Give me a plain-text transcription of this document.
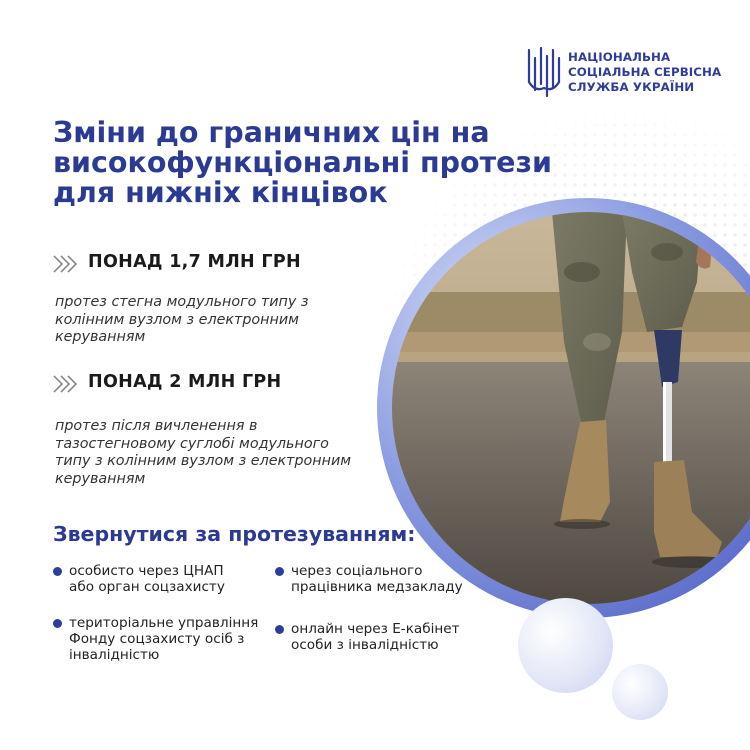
НАЦІОНАЛЬНА
СОЦІАЛЬНА СЕРВІСНА
СЛУЖБА УКРАЇНИ
Зміни до граничних цін на
високофункціональні протези
для нижніх кінцівок
ПОНАД 1,7 МЛН ГРН
протез стегна модульного типу з
колінним вузлом з електронним
керуванням
ПОНАД 2 МЛН ГРН
протез після вичленення в
тазостегновому суглобі модульного
типу з колінним вузлом з електронним
керуванням
Звернутися за протезуванням:
особисто через ЦНАП
або орган соцзахисту
через соціального
працівника медзакладу
територіальне управління
Фонду соцзахисту осіб з
інвалідністю
онлайн через Е-кабінет
особи з інвалідністю
